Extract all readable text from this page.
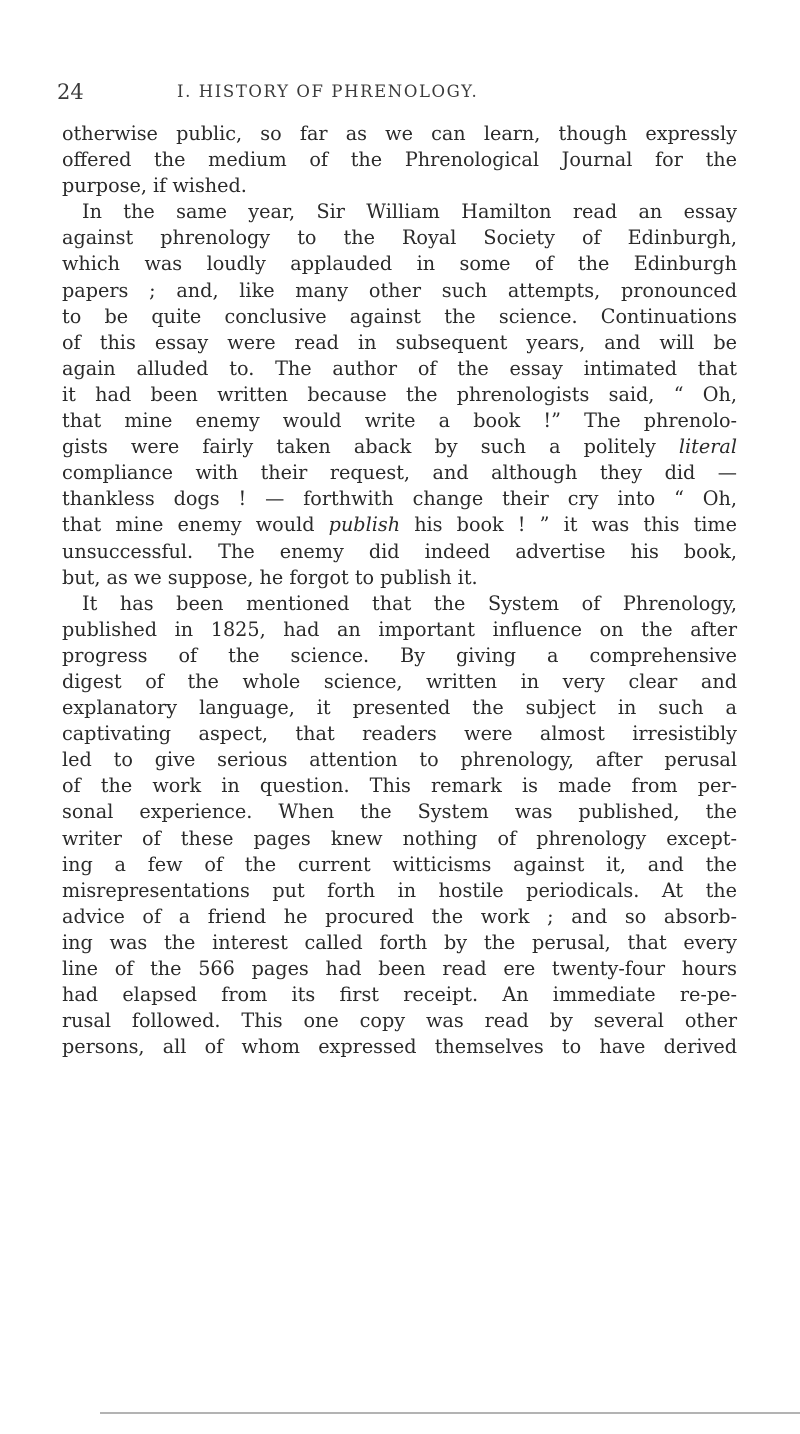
24	I. HISTORY OF PHRENOLOGY.
otherwise public, so far as we can learn, though expressly
offered the medium of the Phrenological Journal for the
purpose, if wished.
In the same year, Sir William Hamilton read an essay
against phrenology to the Royal Society of Edinburgh,
which was loudly applauded in some of the Edinburgh
papers ; and, like many other such attempts, pronounced
to be quite conclusive against the science. Continuations
of this essay were read in subsequent years, and will be
again alluded to. The author of the essay intimated that
it had been written because the phrenologists said, “ Oh,
that mine enemy would write a book !” The phrenolo-
gists were fairly taken aback by such a politely literal
compliance with their request, and although they did —
thankless dogs ! — forthwith change their cry into “ Oh,
that mine enemy would publish his book ! ” it was this time
unsuccessful. The enemy did indeed advertise his book,
but, as we suppose, he forgot to publish it.
It has been mentioned that the System of Phrenology,
published in 1825, had an important influence on the after
progress of the science. By giving a comprehensive
digest of the whole science, written in very clear and
explanatory language, it presented the subject in such a
captivating aspect, that readers were almost irresistibly
led to give serious attention to phrenology, after perusal
of the work in question. This remark is made from per-
sonal experience. When the System was published, the
writer of these pages knew nothing of phrenology except-
ing a few of the current witticisms against it, and the
misrepresentations put forth in hostile periodicals. At the
advice of a friend he procured the work ; and so absorb-
ing was the interest called forth by the perusal, that every
line of the 566 pages had been read ere twenty-four hours
had elapsed from its first receipt. An immediate re-pe-
rusal followed. This one copy was read by several other
persons, all of whom expressed themselves to have derived
